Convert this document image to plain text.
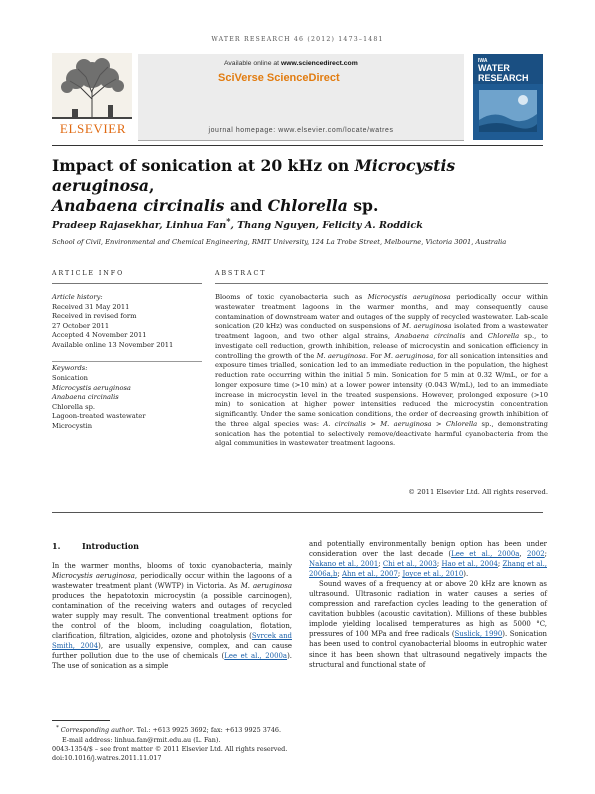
WATER RESEARCH 46 (2012) 1473–1481
ELSEVIER
Available online at www.sciencedirect.com
SciVerse ScienceDirect
journal homepage: www.elsevier.com/locate/watres
IWA
WATER RESEARCH
Impact of sonication at 20 kHz on Microcystis aeruginosa,
Anabaena circinalis and Chlorella sp.
Pradeep Rajasekhar, Linhua Fan*, Thang Nguyen, Felicity A. Roddick
School of Civil, Environmental and Chemical Engineering, RMIT University, 124 La Trobe Street, Melbourne, Victoria 3001, Australia
ARTICLE INFO	ABSTRACT
Article history:
Received 31 May 2011
Received in revised form
27 October 2011
Accepted 4 November 2011
Available online 13 November 2011
Keywords:
Sonication
Microcystis aeruginosa
Anabaena circinalis
Chlorella sp.
Lagoon-treated wastewater
Microcystin
Blooms of toxic cyanobacteria such as Microcystis aeruginosa periodically occur within wastewater treatment lagoons in the warmer months, and may consequently cause contamination of downstream water and outages of the supply of recycled wastewater. Lab-scale sonication (20 kHz) was conducted on suspensions of M. aeruginosa isolated from a wastewater treatment lagoon, and two other algal strains, Anabaena circinalis and Chlorella sp., to investigate cell reduction, growth inhibition, release of microcystin and sonication efficiency in controlling the growth of the M. aeruginosa. For M. aeruginosa, for all sonication intensities and exposure times trialled, sonication led to an immediate reduction in the population, the highest reduction rate occurring within the initial 5 min. Sonication for 5 min at 0.32 W/mL, or for a longer exposure time (>10 min) at a lower power intensity (0.043 W/mL), led to an immediate increase in microcystin level in the treated suspensions. However, prolonged exposure (>10 min) to sonication at higher power intensities reduced the microcystin concentration significantly. Under the same sonication conditions, the order of decreasing growth inhibition of the three algal species was: A. circinalis > M. aeruginosa > Chlorella sp., demonstrating sonication has the potential to selectively remove/deactivate harmful cyanobacteria from the algal communities in wastewater treatment lagoons.
© 2011 Elsevier Ltd. All rights reserved.
1.	Introduction

In the warmer months, blooms of toxic cyanobacteria, mainly Microcystis aeruginosa, periodically occur within the lagoons of a wastewater treatment plant (WWTP) in Victoria. As M. aeruginosa produces the hepatotoxin microcystin (a possible carcinogen), contamination of the receiving waters and outages of recycled water supply may result. The conventional treatment options for the control of the bloom, including coagulation, flotation, clarification, filtration, algicides, ozone and photolysis (Svrcek and Smith, 2004), are usually expensive, complex, and can cause further pollution due to the use of chemicals (Lee et al., 2000a). The use of sonication as a simple

and potentially environmentally benign option has been under consideration over the last decade (Lee et al., 2000a, 2002; Nakano et al., 2001; Chi et al., 2003; Hao et al., 2004; Zhang et al., 2006a,b; Ahn et al., 2007; Joyce et al., 2010).

Sound waves of a frequency at or above 20 kHz are known as ultrasound. Ultrasonic radiation in water causes a series of compression and rarefaction cycles leading to the generation of cavitation bubbles (acoustic cavitation). Millions of these bubbles implode yielding localised temperatures as high as 5000 °C, pressures of 100 MPa and free radicals (Suslick, 1990). Sonication has been used to control cyanobacterial blooms in eutrophic water since it has been shown that ultrasound negatively impacts the structural and functional state of

* Corresponding author. Tel.: +613 9925 3692; fax: +613 9925 3746.
E-mail address: linhua.fan@rmit.edu.au (L. Fan).
0043-1354/$ – see front matter © 2011 Elsevier Ltd. All rights reserved.
doi:10.1016/j.watres.2011.11.017
